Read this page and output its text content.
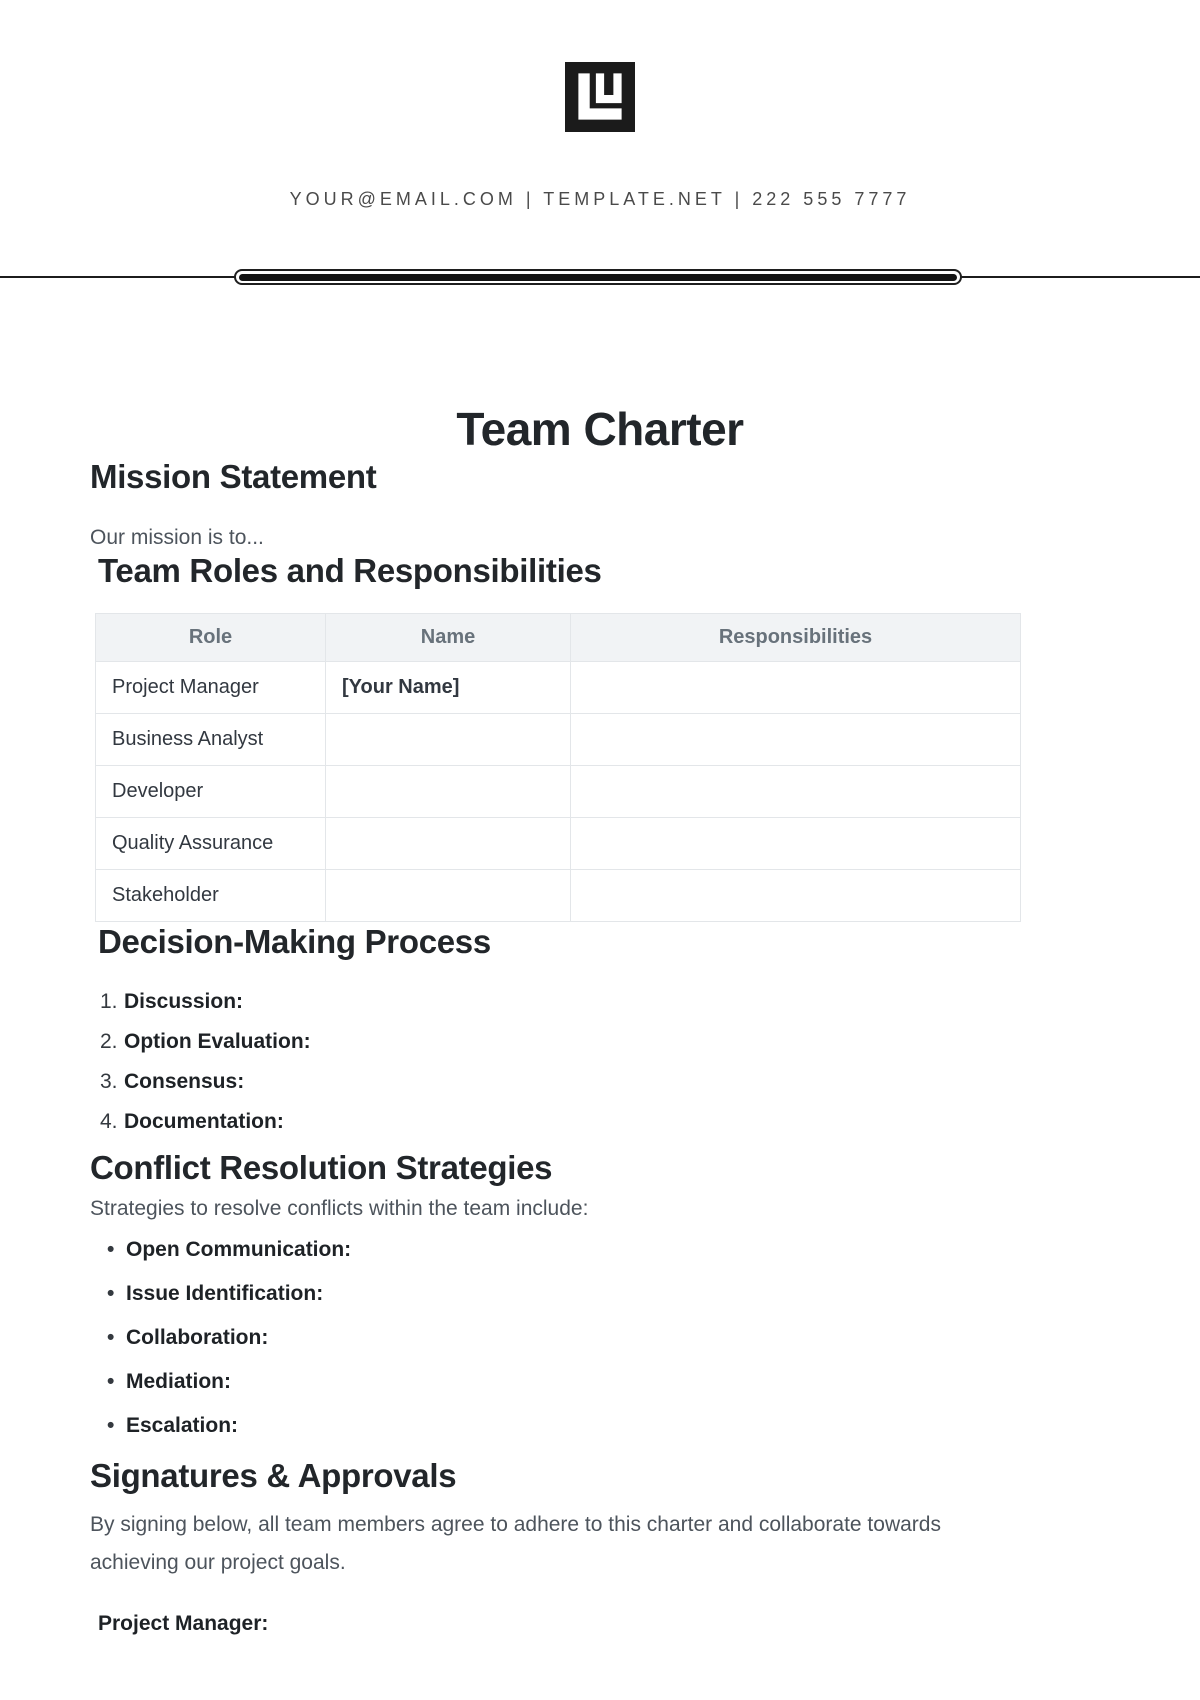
YOUR@EMAIL.COM | TEMPLATE.NET | 222 555 7777
Team Charter
Mission Statement
Our mission is to...
Team Roles and Responsibilities
Role	Name	Responsibilities
Project Manager	[Your Name]	
Business Analyst		
Developer		
Quality Assurance		
Stakeholder		
Decision-Making Process
1. Discussion:
2. Option Evaluation:
3. Consensus:
4. Documentation:
Conflict Resolution Strategies
Strategies to resolve conflicts within the team include:
• Open Communication:
• Issue Identification:
• Collaboration:
• Mediation:
• Escalation:
Signatures & Approvals
By signing below, all team members agree to adhere to this charter and collaborate towards achieving our project goals.
Project Manager:
